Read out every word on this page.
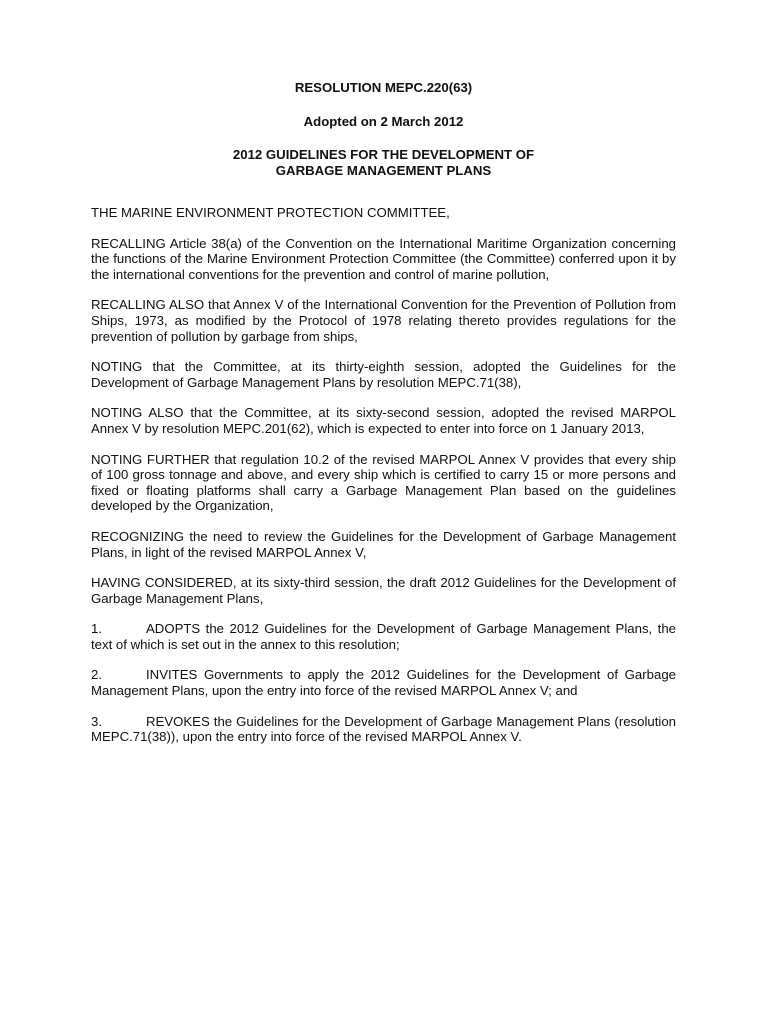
RESOLUTION MEPC.220(63)

Adopted on 2 March 2012

2012 GUIDELINES FOR THE DEVELOPMENT OF

GARBAGE MANAGEMENT PLANS

THE MARINE ENVIRONMENT PROTECTION COMMITTEE,

RECALLING Article 38(a) of the Convention on the International Maritime Organization concerning the functions of the Marine Environment Protection Committee (the Committee) conferred upon it by the international conventions for the prevention and control of marine pollution,

RECALLING ALSO that Annex V of the International Convention for the Prevention of Pollution from Ships, 1973, as modified by the Protocol of 1978 relating thereto provides regulations for the prevention of pollution by garbage from ships,

NOTING that the Committee, at its thirty-eighth session, adopted the Guidelines for the Development of Garbage Management Plans by resolution MEPC.71(38),

NOTING ALSO that the Committee, at its sixty-second session, adopted the revised MARPOL Annex V by resolution MEPC.201(62), which is expected to enter into force on 1 January 2013,

NOTING FURTHER that regulation 10.2 of the revised MARPOL Annex V provides that every ship of 100 gross tonnage and above, and every ship which is certified to carry 15 or more persons and fixed or floating platforms shall carry a Garbage Management Plan based on the guidelines developed by the Organization,

RECOGNIZING the need to review the Guidelines for the Development of Garbage Management Plans, in light of the revised MARPOL Annex V,

HAVING CONSIDERED, at its sixty-third session, the draft 2012 Guidelines for the Development of Garbage Management Plans,

1.	ADOPTS the 2012 Guidelines for the Development of Garbage Management Plans, the text of which is set out in the annex to this resolution;

2.	INVITES Governments to apply the 2012 Guidelines for the Development of Garbage Management Plans, upon the entry into force of the revised MARPOL Annex V; and

3.	REVOKES the Guidelines for the Development of Garbage Management Plans (resolution MEPC.71(38)), upon the entry into force of the revised MARPOL Annex V.
